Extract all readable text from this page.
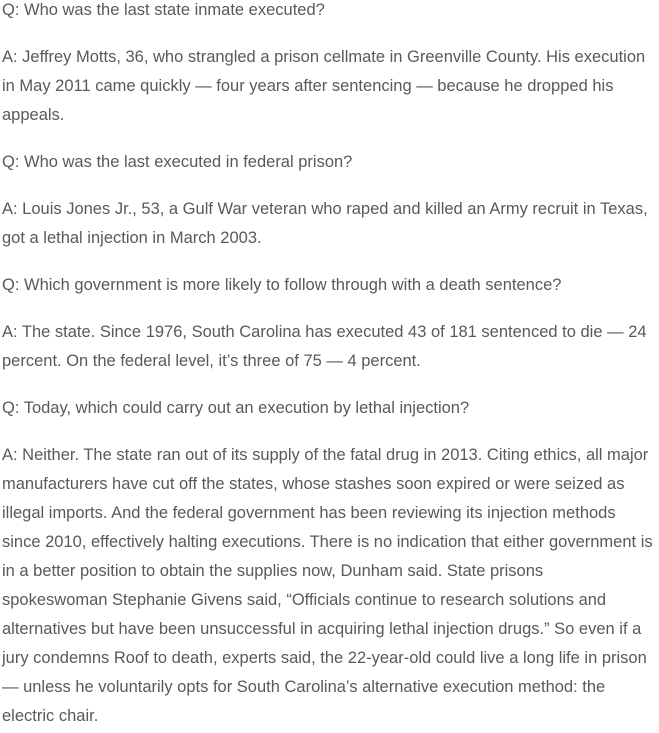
Q: Who was the last state inmate executed?

A: Jeffrey Motts, 36, who strangled a prison cellmate in Greenville County. His execution in May 2011 came quickly — four years after sentencing — because he dropped his appeals.

Q: Who was the last executed in federal prison?

A: Louis Jones Jr., 53, a Gulf War veteran who raped and killed an Army recruit in Texas, got a lethal injection in March 2003.

Q: Which government is more likely to follow through with a death sentence?

A: The state. Since 1976, South Carolina has executed 43 of 181 sentenced to die — 24 percent. On the federal level, it’s three of 75 — 4 percent.

Q: Today, which could carry out an execution by lethal injection?

A: Neither. The state ran out of its supply of the fatal drug in 2013. Citing ethics, all major manufacturers have cut off the states, whose stashes soon expired or were seized as illegal imports. And the federal government has been reviewing its injection methods since 2010, effectively halting executions. There is no indication that either government is in a better position to obtain the supplies now, Dunham said. State prisons spokeswoman Stephanie Givens said, “Officials continue to research solutions and alternatives but have been unsuccessful in acquiring lethal injection drugs.” So even if a jury condemns Roof to death, experts said, the 22-year-old could live a long life in prison — unless he voluntarily opts for South Carolina’s alternative execution method: the electric chair.
